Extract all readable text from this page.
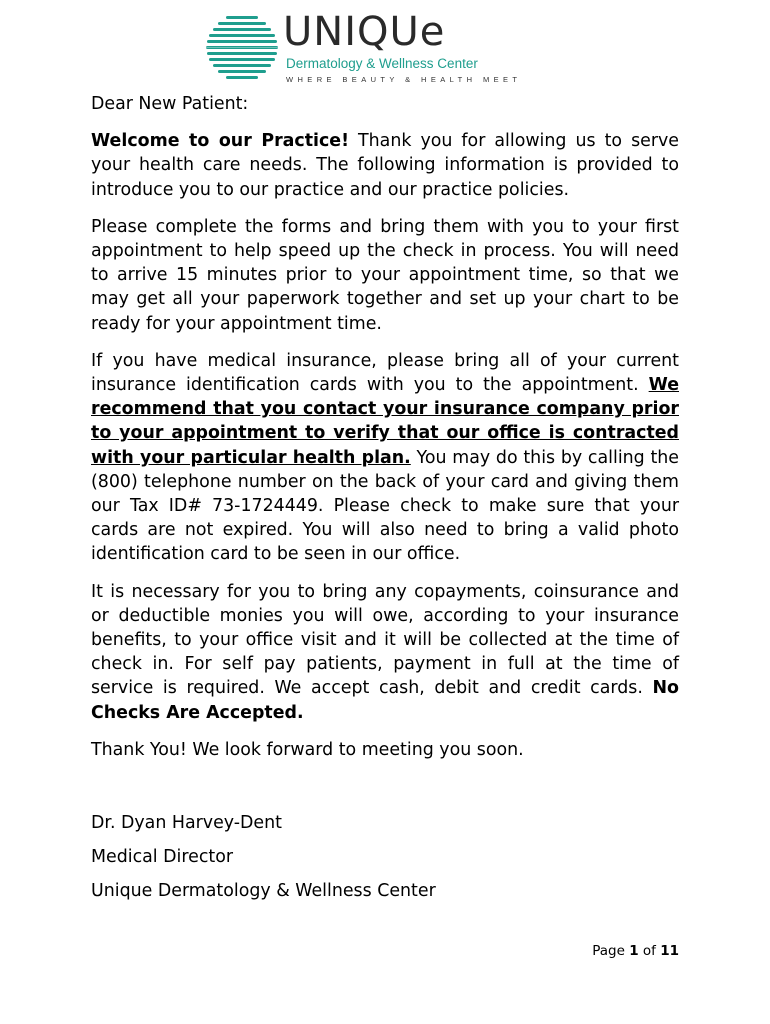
UNIQUe
Dermatology & Wellness Center
WHERE BEAUTY & HEALTH MEET

Dear New Patient:

Welcome to our Practice! Thank you for allowing us to serve your health care needs. The following information is provided to introduce you to our practice and our practice policies.

Please complete the forms and bring them with you to your first appointment to help speed up the check in process. You will need to arrive 15 minutes prior to your appointment time, so that we may get all your paperwork together and set up your chart to be ready for your appointment time.

If you have medical insurance, please bring all of your current insurance identification cards with you to the appointment. We recommend that you contact your insurance company prior to your appointment to verify that our office is contracted with your particular health plan. You may do this by calling the (800) telephone number on the back of your card and giving them our Tax ID# 73-1724449. Please check to make sure that your cards are not expired. You will also need to bring a valid photo identification card to be seen in our office.

It is necessary for you to bring any copayments, coinsurance and or deductible monies you will owe, according to your insurance benefits, to your office visit and it will be collected at the time of check in. For self pay patients, payment in full at the time of service is required. We accept cash, debit and credit cards. No Checks Are Accepted.

Thank You! We look forward to meeting you soon.

Dr. Dyan Harvey-Dent

Medical Director

Unique Dermatology & Wellness Center

Page 1 of 11
